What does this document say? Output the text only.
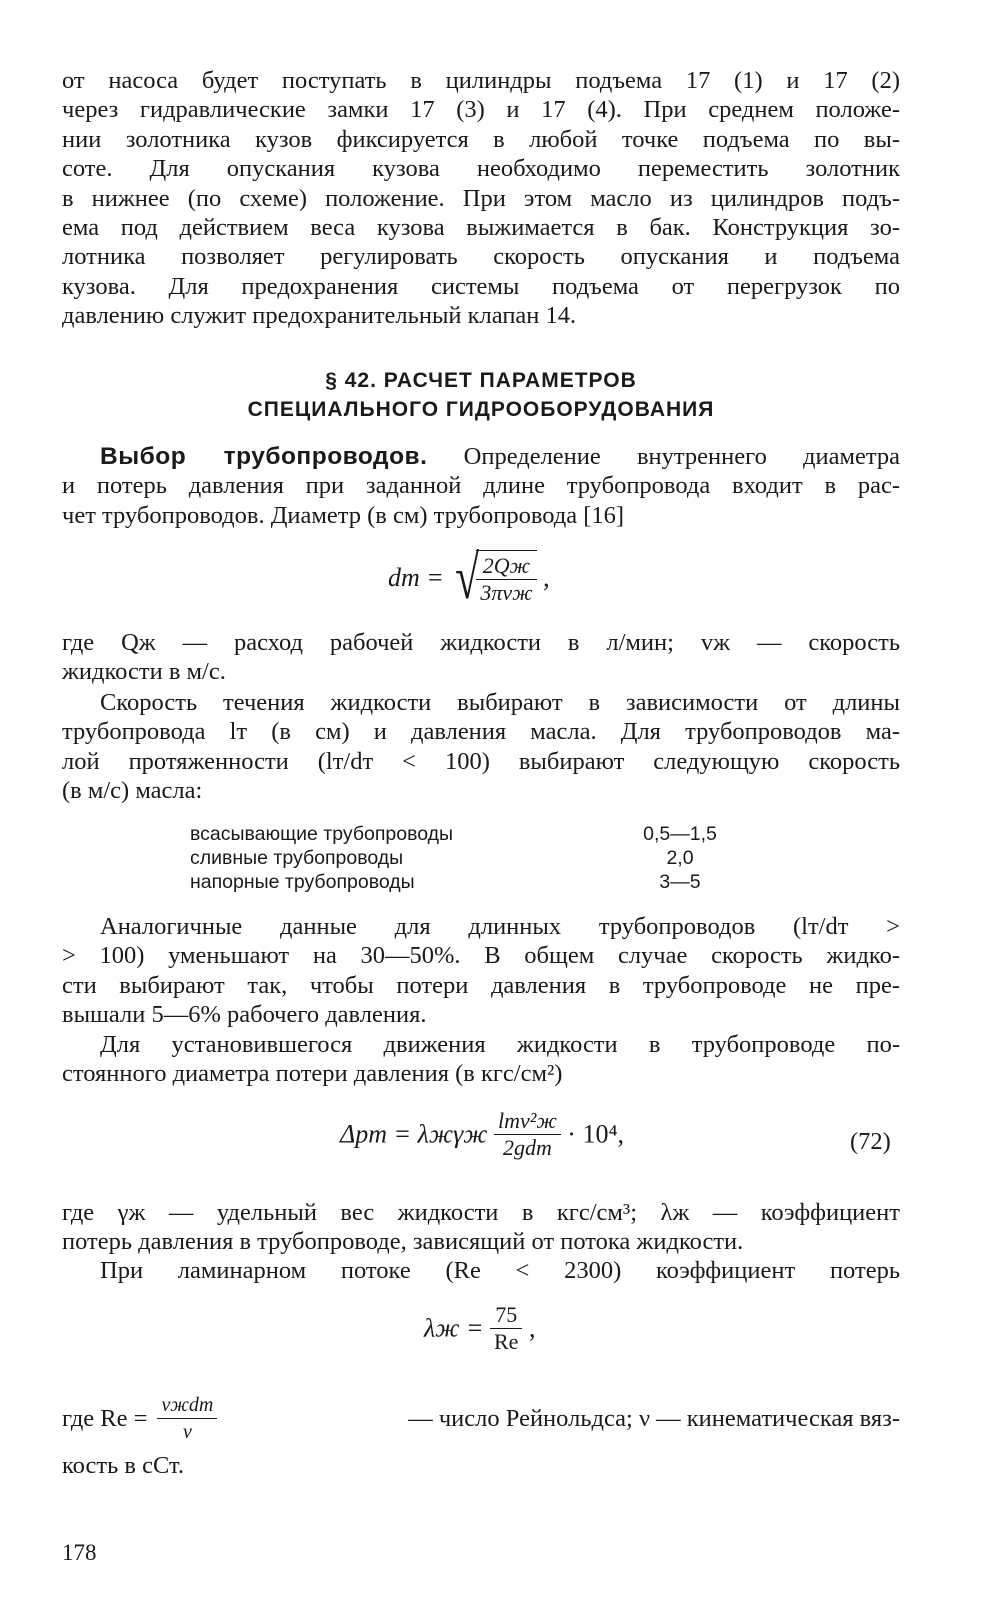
от насоса будет поступать в цилиндры подъема 17 (1) и 17 (2)
через гидравлические замки 17 (3) и 17 (4). При среднем положе-
нии золотника кузов фиксируется в любой точке подъема по вы-
соте. Для опускания кузова необходимо переместить золотник
в нижнее (по схеме) положение. При этом масло из цилиндров подъ-
ема под действием веса кузова выжимается в бак. Конструкция зо-
лотника позволяет регулировать скорость опускания и подъема
кузова. Для предохранения системы подъема от перегрузок по
давлению служит предохранительный клапан 14.
§ 42. РАСЧЕТ ПАРАМЕТРОВ
СПЕЦИАЛЬНОГО ГИДРООБОРУДОВАНИЯ
Выбор трубопроводов. Определение внутреннего диаметра
и потерь давления при заданной длине трубопровода входит в рас-
чет трубопроводов. Диаметр (в см) трубопровода [16]
dт = √
$\frac{2Qж}{\text{3πvж}}$ ,
где Qж — расход рабочей жидкости в л/мин; vж — скорость
жидкости в м/с.
Скорость течения жидкости выбирают в зависимости от длины
трубопровода lт (в см) и давления масла. Для трубопроводов ма-
лой протяженности (lт/dт < 100) выбирают следующую скорость
(в м/с) масла:
всасывающие трубопроводы	0,5—1,5
сливные трубопроводы	2,0
напорные трубопроводы	3—5
Аналогичные данные для длинных трубопроводов (lт/dт >
> 100) уменьшают на 30—50%. В общем случае скорость жидко-
сти выбирают так, чтобы потери давления в трубопроводе не пре-
вышали 5—6% рабочего давления.
Для установившегося движения жидкости в трубопроводе по-
стоянного диаметра потери давления (в кгс/см²)
Δpт = λжγж $\frac{\text{lтv²ж}}{\text{2gdт}} \cdot 10^4$,	(72)
где γж — удельный вес жидкости в кгс/см³; λж — коэффициент
потерь давления в трубопроводе, зависящий от потока жидкости.
При ламинарном потоке (Re < 2300) коэффициент потерь
$\lambda ж = \frac{75}{Re}$ ,
где $Re = \frac{\text{vжdт}}{\nu}$	— число Рейнольдса; ν — кинематическая вяз-
кость в сСт.
178
